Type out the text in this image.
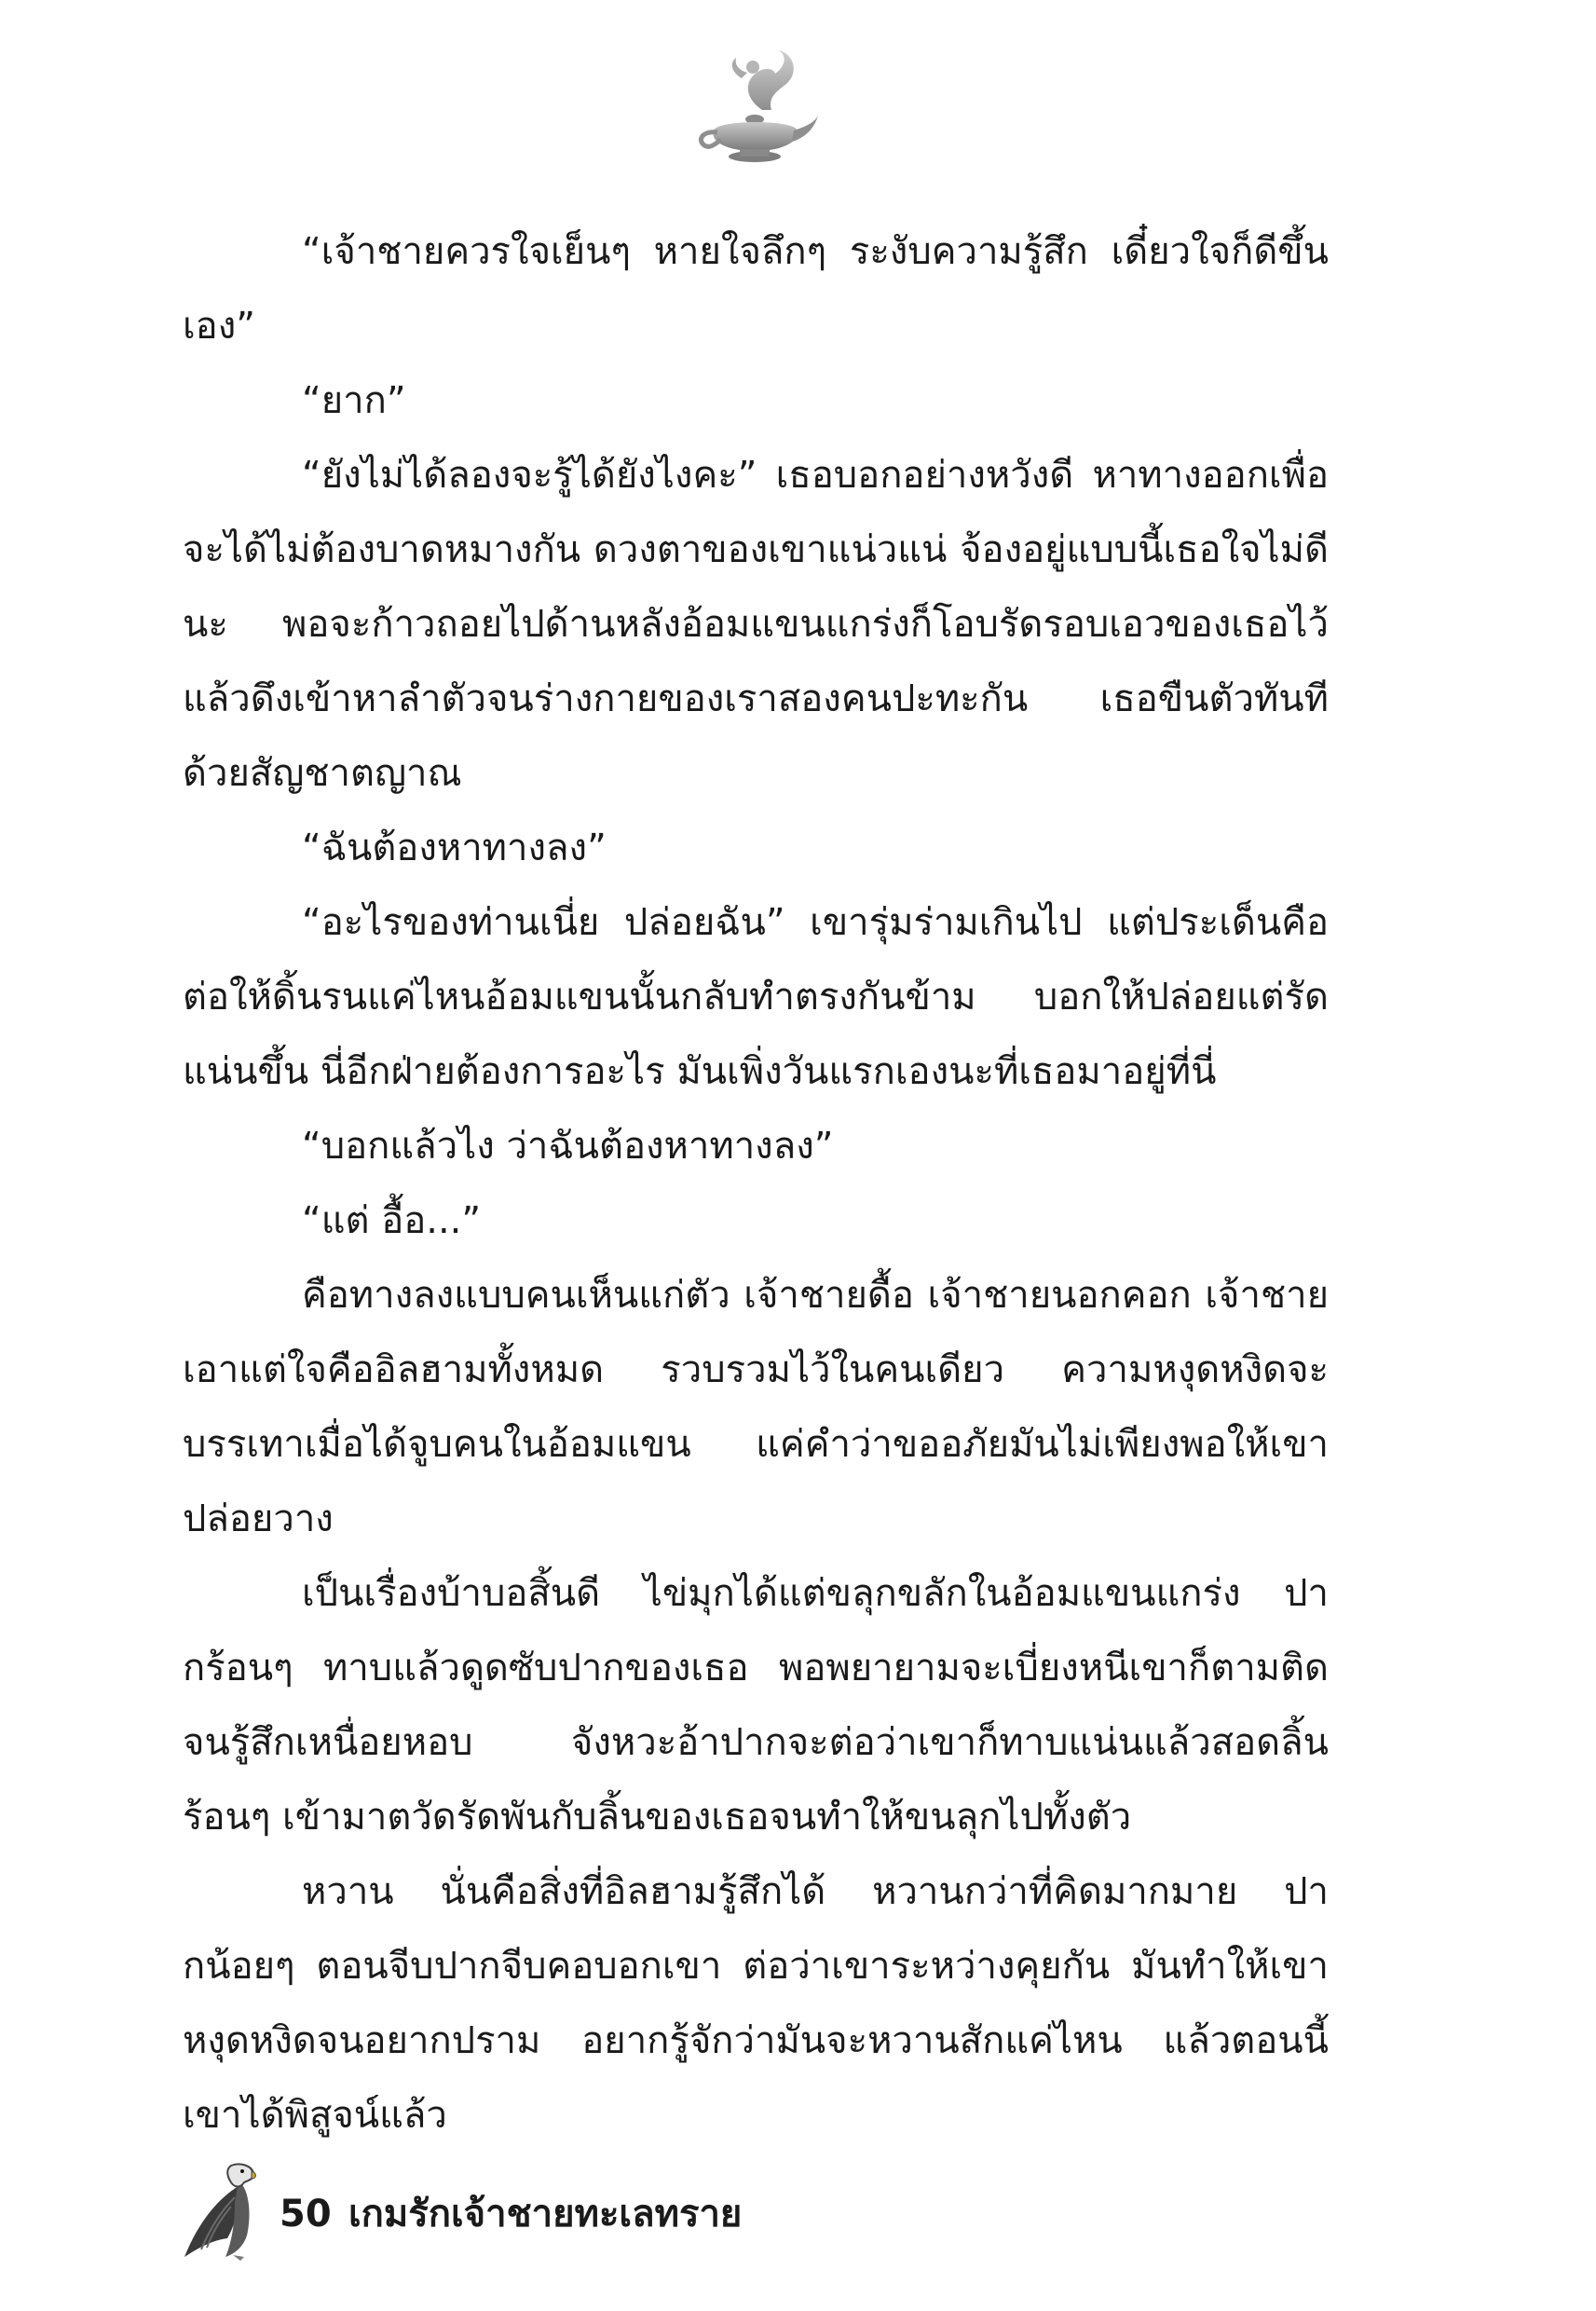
“เจ้าชายควรใจเย็นๆ หายใจลึกๆ ระงับความรู้สึก เดี๋ยวใจก็ดีขึ้นเอง”

“ยาก”

“ยังไม่ได้ลองจะรู้ได้ยังไงคะ” เธอบอกอย่างหวังดี หาทางออกเพื่อจะได้ไม่ต้องบาดหมางกัน ดวงตาของเขาแน่วแน่ จ้องอยู่แบบนี้เธอใจไม่ดีนะ พอจะก้าวถอยไปด้านหลังอ้อมแขนแกร่งก็โอบรัดรอบเอวของเธอไว้ แล้วดึงเข้าหาลำตัวจนร่างกายของเราสองคนปะทะกัน เธอขืนตัวทันทีด้วยสัญชาตญาณ

“ฉันต้องหาทางลง”

“อะไรของท่านเนี่ย ปล่อยฉัน” เขารุ่มร่ามเกินไป แต่ประเด็นคือต่อให้ดิ้นรนแค่ไหนอ้อมแขนนั้นกลับทำตรงกันข้าม บอกให้ปล่อยแต่รัดแน่นขึ้น นี่อีกฝ่ายต้องการอะไร มันเพิ่งวันแรกเองนะที่เธอมาอยู่ที่นี่

“บอกแล้วไง ว่าฉันต้องหาทางลง”

“แต่ อื้อ...”

คือทางลงแบบคนเห็นแก่ตัว เจ้าชายดื้อ เจ้าชายนอกคอก เจ้าชายเอาแต่ใจคืออิลฮามทั้งหมด รวบรวมไว้ในคนเดียว ความหงุดหงิดจะบรรเทาเมื่อได้จูบคนในอ้อมแขน แค่คำว่าขออภัยมันไม่เพียงพอให้เขาปล่อยวาง

เป็นเรื่องบ้าบอสิ้นดี ไข่มุกได้แต่ขลุกขลักในอ้อมแขนแกร่ง ปากร้อนๆ ทาบแล้วดูดซับปากของเธอ พอพยายามจะเบี่ยงหนีเขาก็ตามติดจนรู้สึกเหนื่อยหอบ จังหวะอ้าปากจะต่อว่าเขาก็ทาบแน่นแล้วสอดลิ้นร้อนๆ เข้ามาตวัดรัดพันกับลิ้นของเธอจนทำให้ขนลุกไปทั้งตัว

หวาน นั่นคือสิ่งที่อิลฮามรู้สึกได้ หวานกว่าที่คิดมากมาย ปากน้อยๆ ตอนจีบปากจีบคอบอกเขา ต่อว่าเขาระหว่างคุยกัน มันทำให้เขาหงุดหงิดจนอยากปราม อยากรู้จักว่ามันจะหวานสักแค่ไหน แล้วตอนนี้เขาได้พิสูจน์แล้ว

50 เกมรักเจ้าชายทะเลทราย
